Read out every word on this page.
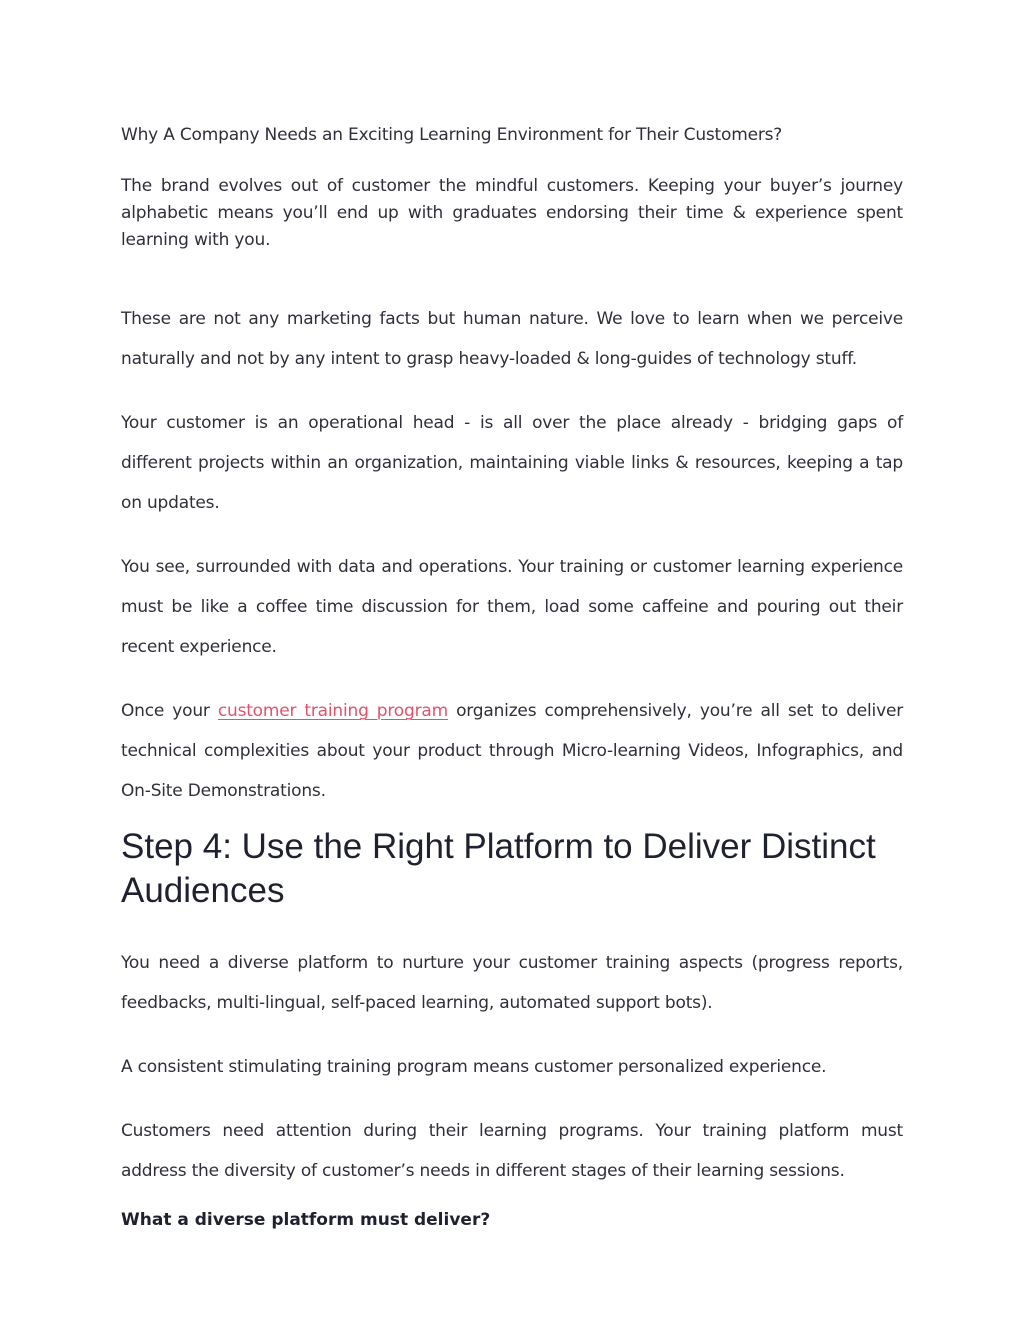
Why A Company Needs an Exciting Learning Environment for Their Customers?

The brand evolves out of customer the mindful customers. Keeping your buyer’s journey alphabetic means you’ll end up with graduates endorsing their time & experience spent learning with you.

These are not any marketing facts but human nature. We love to learn when we perceive naturally and not by any intent to grasp heavy-loaded & long-guides of technology stuff.

Your customer is an operational head - is all over the place already - bridging gaps of different projects within an organization, maintaining viable links & resources, keeping a tap on updates.

You see, surrounded with data and operations. Your training or customer learning experience must be like a coffee time discussion for them, load some caffeine and pouring out their recent experience.

Once your customer training program organizes comprehensively, you’re all set to deliver technical complexities about your product through Micro-learning Videos, Infographics, and On-Site Demonstrations.

Step 4: Use the Right Platform to Deliver Distinct Audiences

You need a diverse platform to nurture your customer training aspects (progress reports, feedbacks, multi-lingual, self-paced learning, automated support bots).

A consistent stimulating training program means customer personalized experience.

Customers need attention during their learning programs. Your training platform must address the diversity of customer’s needs in different stages of their learning sessions.

What a diverse platform must deliver?
